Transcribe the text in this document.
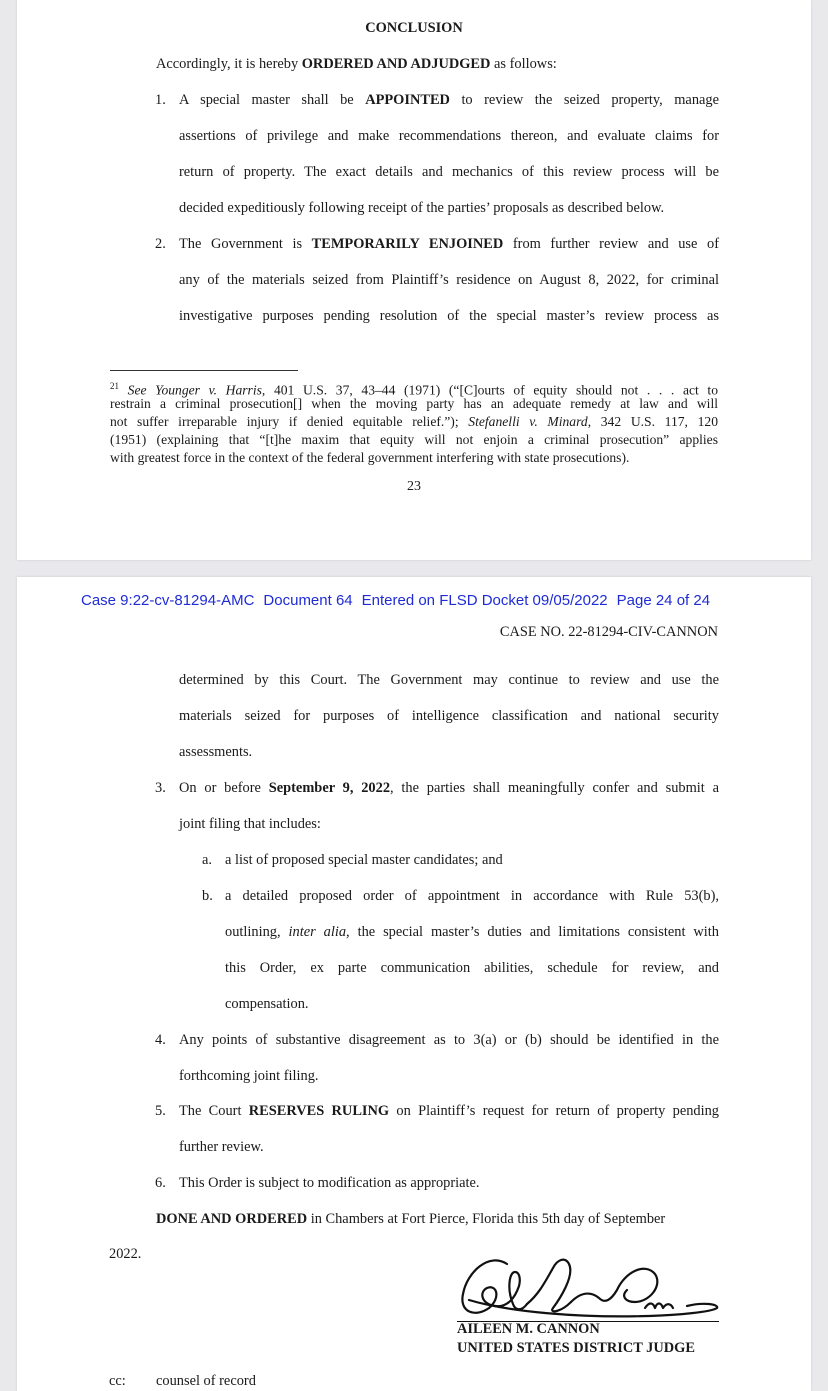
CONCLUSION
Accordingly, it is hereby ORDERED AND ADJUDGED as follows:
1. A special master shall be APPOINTED to review the seized property, manage
assertions of privilege and make recommendations thereon, and evaluate claims for
return of property. The exact details and mechanics of this review process will be
decided expeditiously following receipt of the parties’ proposals as described below.
2. The Government is TEMPORARILY ENJOINED from further review and use of
any of the materials seized from Plaintiff’s residence on August 8, 2022, for criminal
investigative purposes pending resolution of the special master’s review process as
$^{21}$ See Younger v. Harris, 401 U.S. 37, 43–44 (1971) (“[C]ourts of equity should not . . . act to
restrain a criminal prosecution[] when the moving party has an adequate remedy at law and will
not suffer irreparable injury if denied equitable relief.”); Stefanelli v. Minard, 342 U.S. 117, 120
(1951) (explaining that “[t]he maxim that equity will not enjoin a criminal prosecution” applies
with greatest force in the context of the federal government interfering with state prosecutions).
23
Case 9:22-cv-81294-AMC Document 64 Entered on FLSD Docket 09/05/2022 Page 24 of 24
CASE NO. 22-81294-CIV-CANNON
determined by this Court. The Government may continue to review and use the
materials seized for purposes of intelligence classification and national security
assessments.
3. On or before September 9, 2022, the parties shall meaningfully confer and submit a
joint filing that includes:
a. a list of proposed special master candidates; and
b. a detailed proposed order of appointment in accordance with Rule 53(b),
outlining, inter alia, the special master’s duties and limitations consistent with
this Order, ex parte communication abilities, schedule for review, and
compensation.
4. Any points of substantive disagreement as to 3(a) or (b) should be identified in the
forthcoming joint filing.
5. The Court RESERVES RULING on Plaintiff’s request for return of property pending
further review.
6. This Order is subject to modification as appropriate.
DONE AND ORDERED in Chambers at Fort Pierce, Florida this 5th day of September
2022.
AILEEN M. CANNON
UNITED STATES DISTRICT JUDGE
cc: counsel of record
